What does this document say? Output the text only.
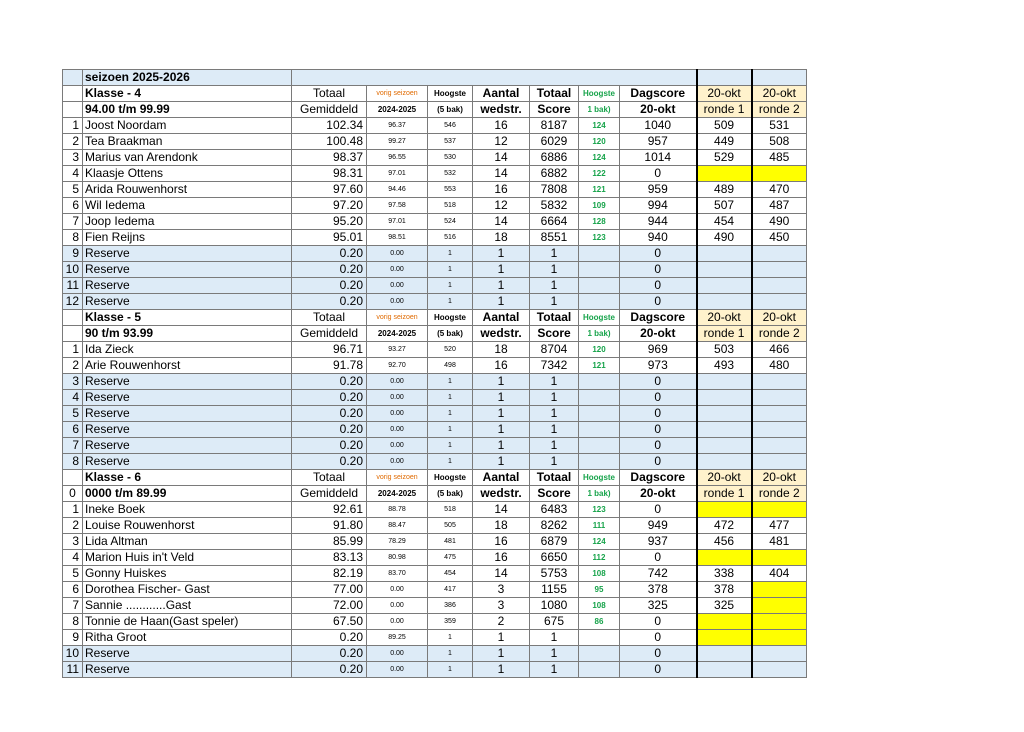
	seizoen 2025-2026									
	Klasse - 4	Totaal	vorig seizoen	Hoogste	Aantal	Totaal	Hoogste	Dagscore	20-okt	20-okt
	94.00 t/m 99.99	Gemiddeld	2024-2025	(5 bak)	wedstr.	Score	1 bak)	20-okt	ronde 1	ronde 2
1	Joost Noordam	102.34	96.37	546	16	8187	124	1040	509	531
2	Tea Braakman	100.48	99.27	537	12	6029	120	957	449	508
3	Marius van Arendonk	98.37	96.55	530	14	6886	124	1014	529	485
4	Klaasje Ottens	98.31	97.01	532	14	6882	122	0		
5	Arida Rouwenhorst	97.60	94.46	553	16	7808	121	959	489	470
6	Wil Iedema	97.20	97.58	518	12	5832	109	994	507	487
7	Joop Iedema	95.20	97.01	524	14	6664	128	944	454	490
8	Fien Reijns	95.01	98.51	516	18	8551	123	940	490	450
9	Reserve	0.20	0.00	1	1	1		0		
10	Reserve	0.20	0.00	1	1	1		0		
11	Reserve	0.20	0.00	1	1	1		0		
12	Reserve	0.20	0.00	1	1	1		0		
	Klasse - 5	Totaal	vorig seizoen	Hoogste	Aantal	Totaal	Hoogste	Dagscore	20-okt	20-okt
	90 t/m 93.99	Gemiddeld	2024-2025	(5 bak)	wedstr.	Score	1 bak)	20-okt	ronde 1	ronde 2
1	Ida Zieck	96.71	93.27	520	18	8704	120	969	503	466
2	Arie Rouwenhorst	91.78	92.70	498	16	7342	121	973	493	480
3	Reserve	0.20	0.00	1	1	1		0		
4	Reserve	0.20	0.00	1	1	1		0		
5	Reserve	0.20	0.00	1	1	1		0		
6	Reserve	0.20	0.00	1	1	1		0		
7	Reserve	0.20	0.00	1	1	1		0		
8	Reserve	0.20	0.00	1	1	1		0		
	Klasse - 6	Totaal	vorig seizoen	Hoogste	Aantal	Totaal	Hoogste	Dagscore	20-okt	20-okt
0	0000 t/m 89.99	Gemiddeld	2024-2025	(5 bak)	wedstr.	Score	1 bak)	20-okt	ronde 1	ronde 2
1	Ineke Boek	92.61	88.78	518	14	6483	123	0		
2	Louise Rouwenhorst	91.80	88.47	505	18	8262	111	949	472	477
3	Lida Altman	85.99	78.29	481	16	6879	124	937	456	481
4	Marion Huis in't Veld	83.13	80.98	475	16	6650	112	0		
5	Gonny Huiskes	82.19	83.70	454	14	5753	108	742	338	404
6	Dorothea Fischer- Gast	77.00	0.00	417	3	1155	95	378	378	
7	Sannie ............Gast	72.00	0.00	386	3	1080	108	325	325	
8	Tonnie de Haan(Gast speler)	67.50	0.00	359	2	675	86	0		
9	Ritha Groot	0.20	89.25	1	1	1		0		
10	Reserve	0.20	0.00	1	1	1		0		
11	Reserve	0.20	0.00	1	1	1		0		
